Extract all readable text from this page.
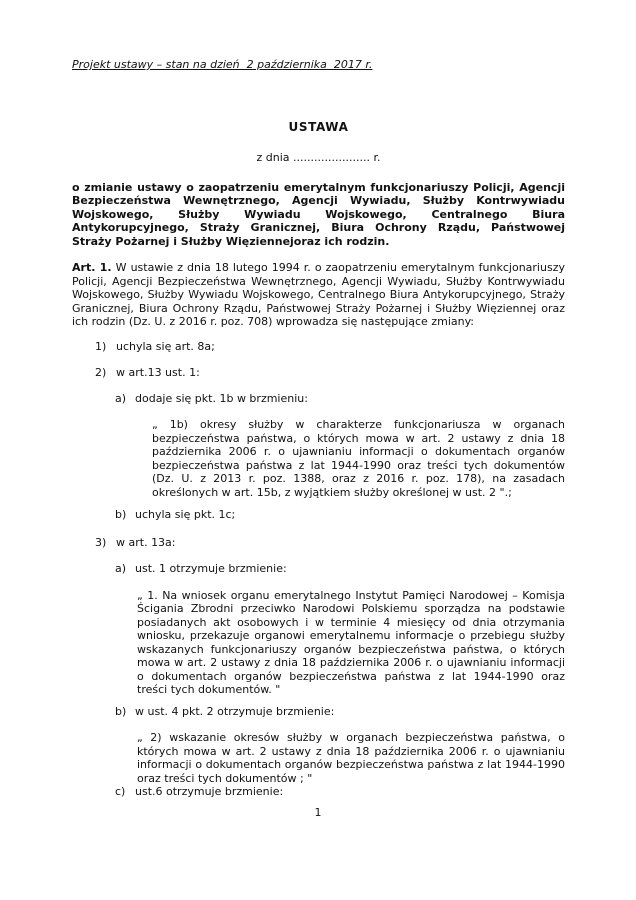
Projekt ustawy – stan na dzień  2 października  2017 r.
USTAWA
z dnia ...................... r.

o zmianie ustawy o zaopatrzeniu emerytalnym funkcjonariuszy Policji, Agencji Bezpieczeństwa Wewnętrznego, Agencji Wywiadu, Służby Kontrwywiadu Wojskowego, Służby Wywiadu Wojskowego, Centralnego Biura Antykorupcyjnego, Straży Granicznej, Biura Ochrony Rządu, Państwowej Straży Pożarnej i Służby Więziennejoraz ich rodzin.

Art. 1. W ustawie z dnia 18 lutego 1994 r. o zaopatrzeniu emerytalnym funkcjonariuszy Policji, Agencji Bezpieczeństwa Wewnętrznego, Agencji Wywiadu, Służby Kontrwywiadu Wojskowego, Służby Wywiadu Wojskowego, Centralnego Biura Antykorupcyjnego, Straży Granicznej, Biura Ochrony Rządu, Państwowej Straży Pożarnej i Służby Więziennej oraz ich rodzin (Dz. U. z 2016 r. poz. 708) wprowadza się następujące zmiany:

1) uchyla się art. 8a;
2) w art.13 ust. 1:
a) dodaje się pkt. 1b w brzmieniu:
„ 1b) okresy służby w charakterze funkcjonariusza w organach bezpieczeństwa państwa, o których mowa w art. 2 ustawy z dnia 18 października 2006 r. o ujawnianiu informacji o dokumentach organów bezpieczeństwa państwa z lat 1944-1990 oraz treści tych dokumentów (Dz. U. z 2013 r. poz. 1388, oraz z 2016 r. poz. 178), na zasadach określonych w art. 15b, z wyjątkiem służby określonej w ust. 2 ".;
b) uchyla się pkt. 1c;
3) w art. 13a:
a) ust. 1 otrzymuje brzmienie:
„ 1. Na wniosek organu emerytalnego Instytut Pamięci Narodowej – Komisja Ścigania Zbrodni przeciwko Narodowi Polskiemu sporządza na podstawie posiadanych akt osobowych i w terminie 4 miesięcy od dnia otrzymania wniosku, przekazuje organowi emerytalnemu informacje o przebiegu służby wskazanych funkcjonariuszy organów bezpieczeństwa państwa, o których mowa w art. 2 ustawy z dnia 18 października 2006 r. o ujawnianiu informacji o dokumentach organów bezpieczeństwa państwa z lat 1944-1990 oraz treści tych dokumentów. "
b) w ust. 4 pkt. 2 otrzymuje brzmienie:
„ 2) wskazanie okresów służby w organach bezpieczeństwa państwa, o których mowa w art. 2 ustawy z dnia 18 października 2006 r. o ujawnianiu informacji o dokumentach organów bezpieczeństwa państwa z lat 1944-1990 oraz treści tych dokumentów ; "
c) ust.6 otrzymuje brzmienie:
1
